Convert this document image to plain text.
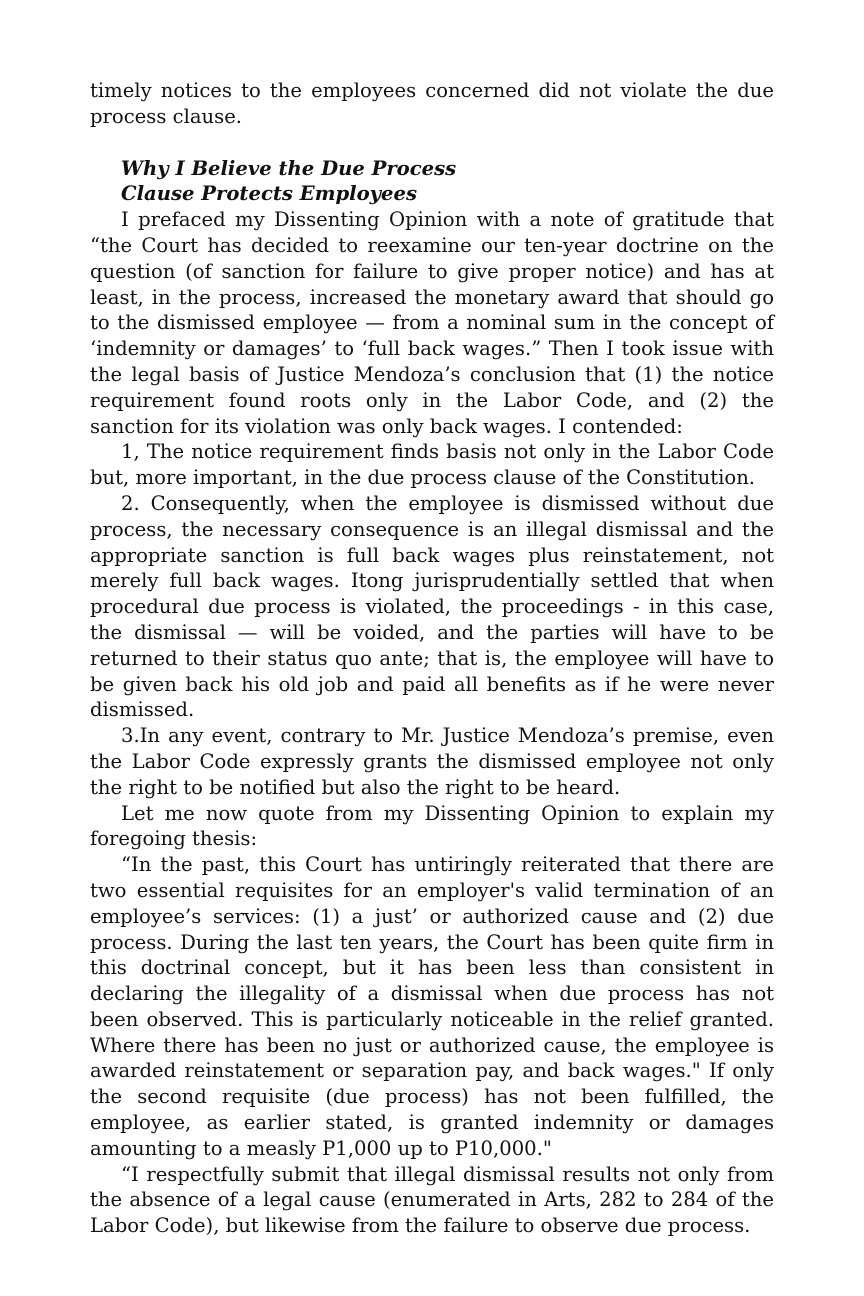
timely notices to the employees concerned did not violate the due process clause.

Why I Believe the Due Process

Clause Protects Employees

I prefaced my Dissenting Opinion with a note of gratitude that “the Court has decided to reexamine our ten-year doctrine on the question (of sanction for failure to give proper notice) and has at least, in the process, increased the monetary award that should go to the dismissed employee — from a nominal sum in the concept of ‘indemnity or damages’ to ‘full back wages.” Then I took issue with the legal basis of Justice Mendoza’s conclusion that (1) the notice requirement found roots only in the Labor Code, and (2) the sanction for its violation was only back wages. I contended:

1, The notice requirement finds basis not only in the Labor Code but, more important, in the due process clause of the Constitution.

2. Consequently, when the employee is dismissed without due process, the necessary consequence is an illegal dismissal and the appropriate sanction is full back wages plus reinstatement, not merely full back wages. Itong jurisprudentially settled that when procedural due process is violated, the proceedings - in this case, the dismissal — will be voided, and the parties will have to be returned to their status quo ante; that is, the employee will have to be given back his old job and paid all benefits as if he were never dismissed.

3.In any event, contrary to Mr. Justice Mendoza’s premise, even the Labor Code expressly grants the dismissed employee not only the right to be notified but also the right to be heard.

Let me now quote from my Dissenting Opinion to explain my foregoing thesis:

“In the past, this Court has untiringly reiterated that there are two essential requisites for an employer's valid termination of an employee’s services: (1) a just’ or authorized cause and (2) due process. During the last ten years, the Court has been quite firm in this doctrinal concept, but it has been less than consistent in declaring the illegality of a dismissal when due process has not been observed. This is particularly noticeable in the relief granted. Where there has been no just or authorized cause, the employee is awarded reinstatement or separation pay, and back wages." If only the second requisite (due process) has not been fulfilled, the employee, as earlier stated, is granted indemnity or damages amounting to a measly P1,000 up to P10,000."

“I respectfully submit that illegal dismissal results not only from the absence of a legal cause (enumerated in Arts, 282 to 284 of the Labor Code), but likewise from the failure to observe due process.
